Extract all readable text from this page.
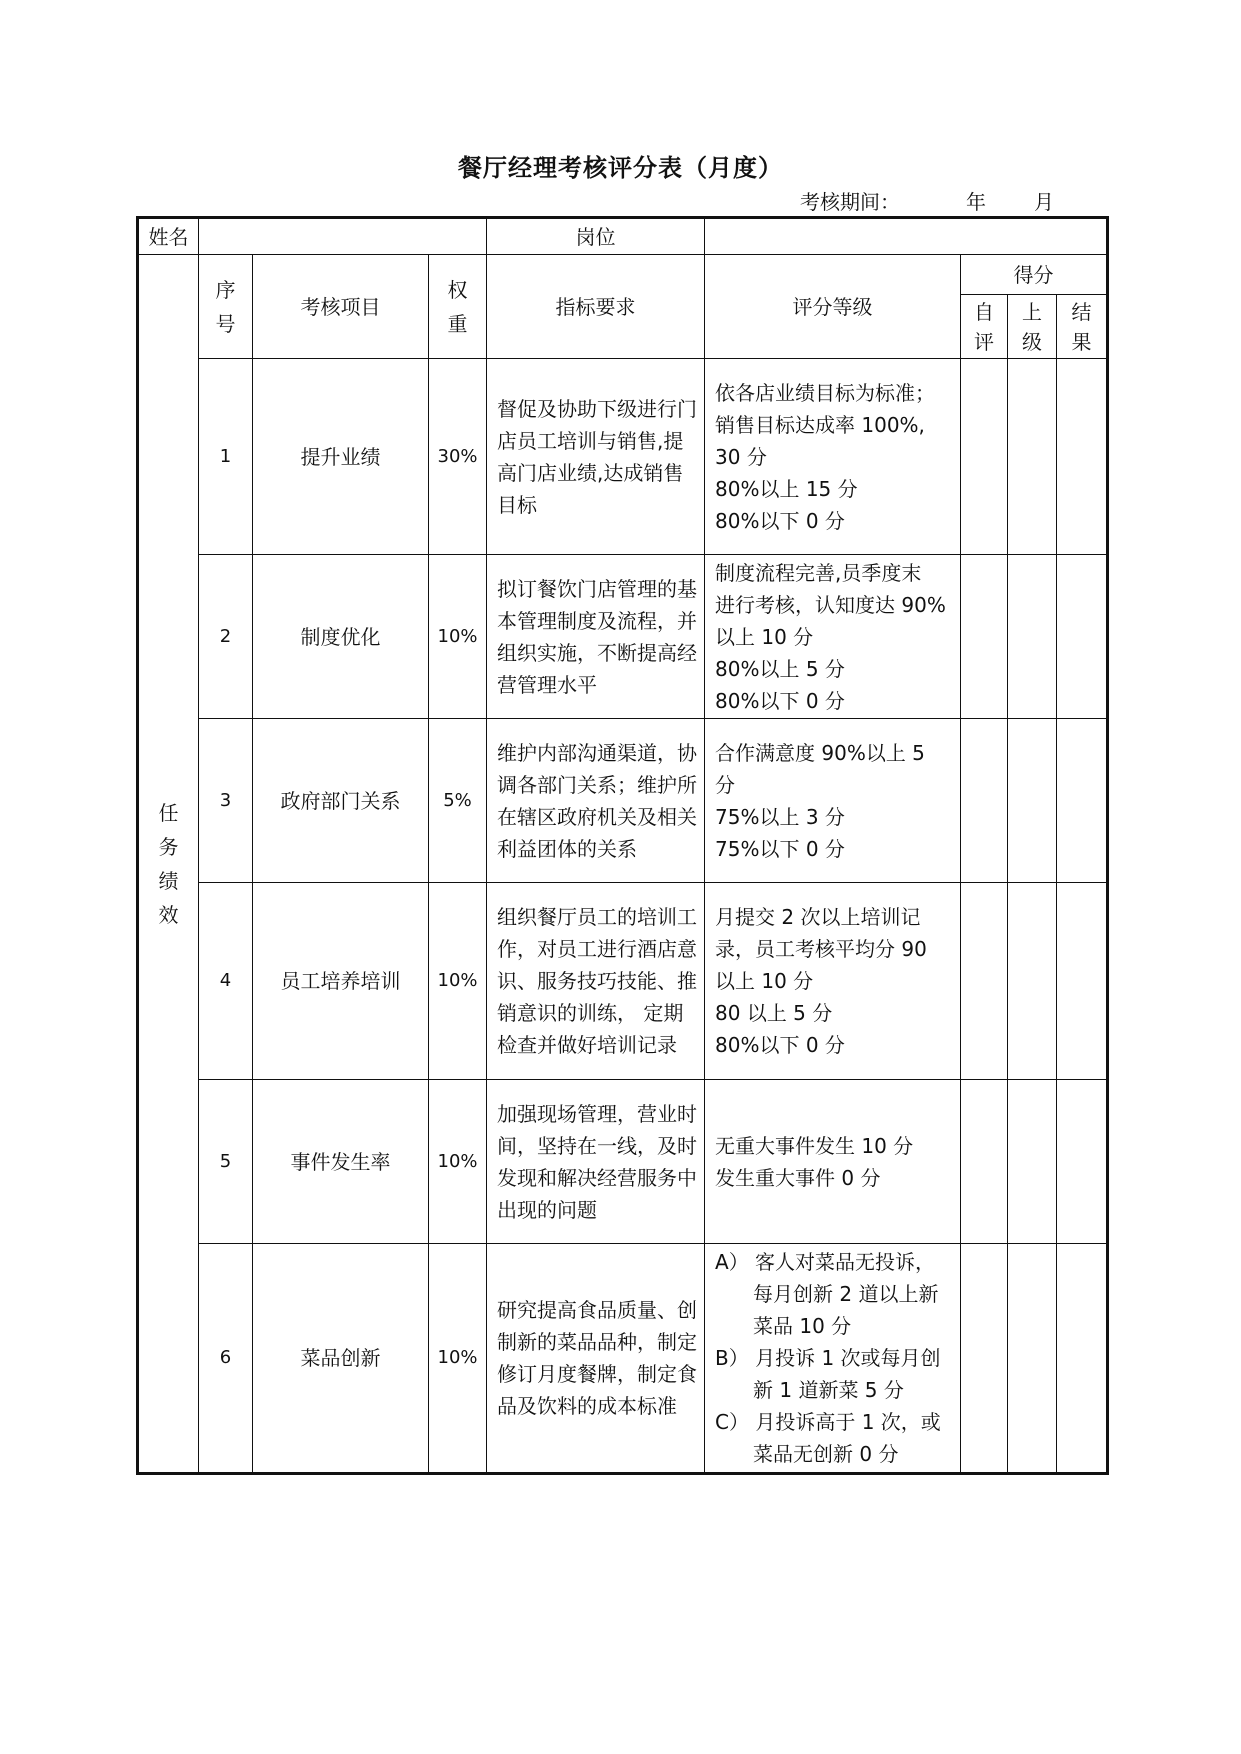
餐厅经理考核评分表（月度）
考核期间：	年 月
姓名				岗位				

任务绩效	序号	考核项目	权重	指标要求	评分等级	得分		

						自评	上级	结果

	1	提升业绩	30%	督促及协助下级进行门店员工培训与销售,提高门店业绩,达成销售目标	依各店业绩目标为标准；
销售目标达成率 100%,
30 分
80%以上 15 分
80%以下 0 分			

	2	制度优化	10%	拟订餐饮门店管理的基本管理制度及流程，并组织实施，不断提高经营管理水平	制度流程完善,员季度末
进行考核，认知度达 90%
以上 10 分
80%以上 5 分
80%以下 0 分			

	3	政府部门关系	5%	维护内部沟通渠道，协调各部门关系；维护所在辖区政府机关及相关利益团体的关系	合作满意度 90%以上 5
分
75%以上 3 分
75%以下 0 分			

	4	员工培养培训	10%	组织餐厅员工的培训工作，对员工进行酒店意识、服务技巧技能、推销意识的训练， 定期检查并做好培训记录	月提交 2 次以上培训记
录，员工考核平均分 90
以上 10 分
80 以上 5 分
80%以下 0 分			

	5	事件发生率	10%	加强现场管理，营业时间，坚持在一线，及时发现和解决经营服务中出现的问题	无重大事件发生 10 分
发生重大事件 0 分			

	6	菜品创新	10%	研究提高食品质量、创制新的菜品品种，制定修订月度餐牌，制定食品及饮料的成本标准	A） 客人对菜品无投诉，每月创新 2 道以上新菜品 10 分
B） 月投诉 1 次或每月创新 1 道新菜 5 分
C） 月投诉高于 1 次，或菜品无创新 0 分			
